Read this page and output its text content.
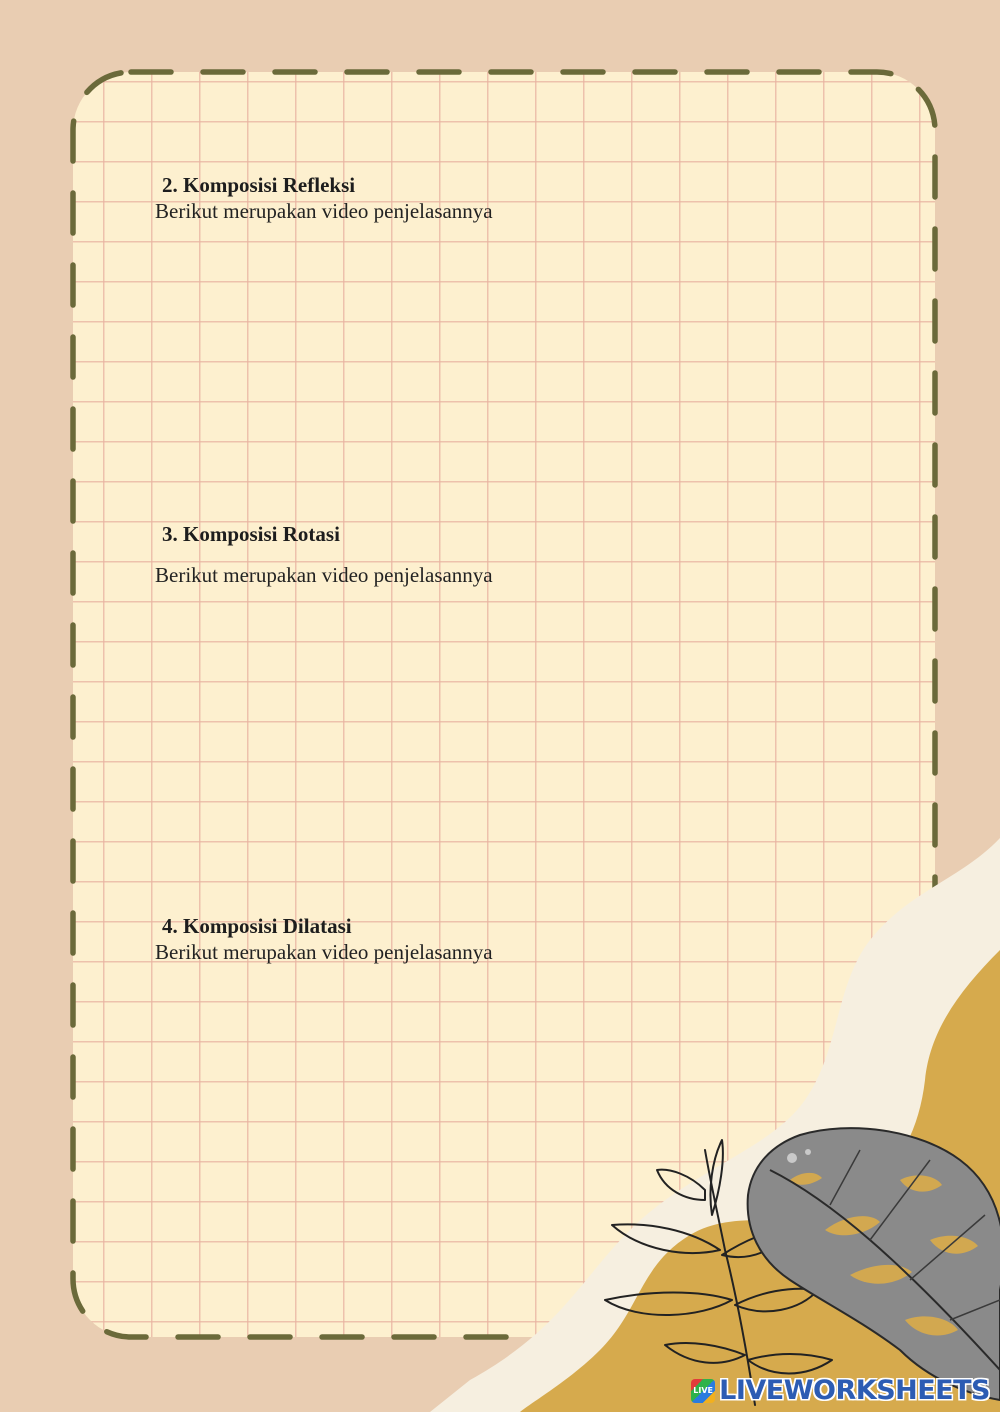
2. Komposisi Refleksi
Berikut merupakan video penjelasannya
3. Komposisi Rotasi
Berikut merupakan video penjelasannya
4. Komposisi Dilatasi
Berikut merupakan video penjelasannya
LIVE LIVEWORKSHEETS
